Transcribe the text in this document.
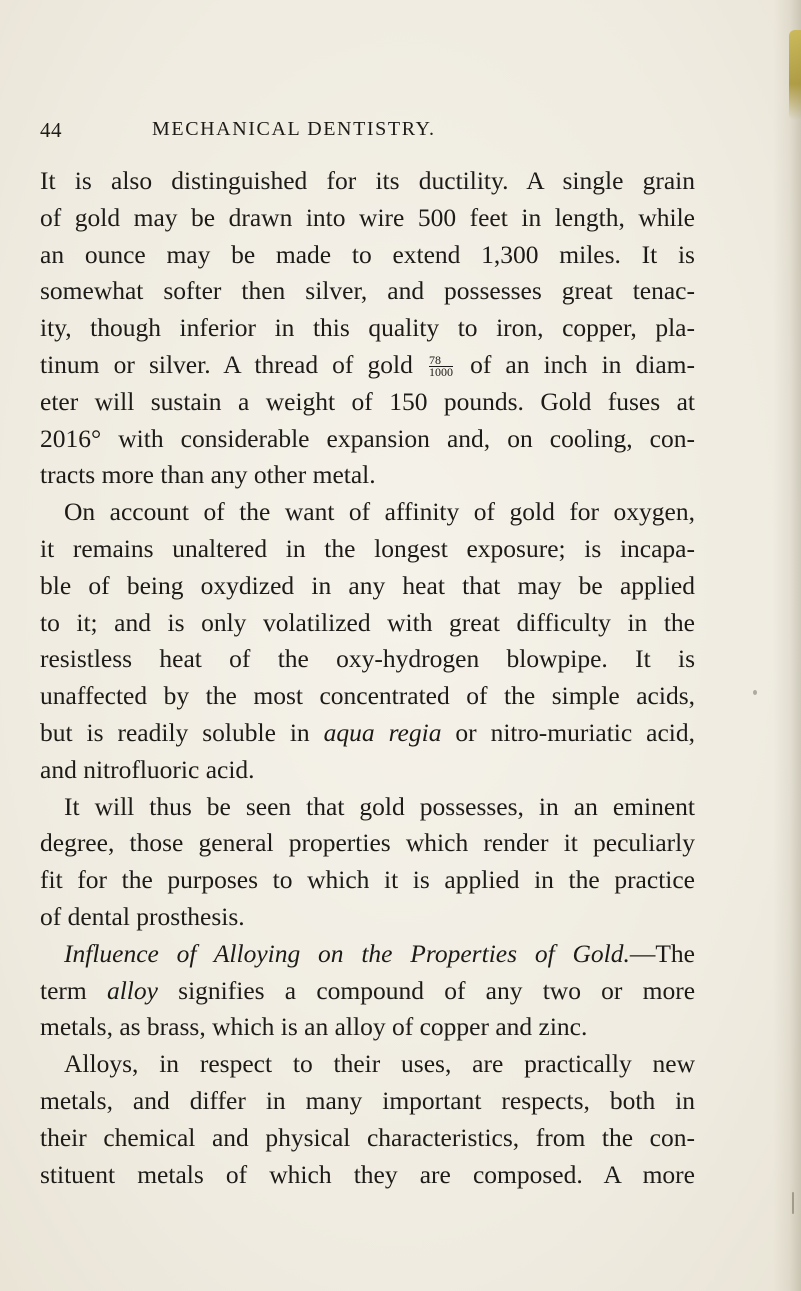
44	MECHANICAL DENTISTRY.
It is also distinguished for its ductility. A single grain
of gold may be drawn into wire 500 feet in length, while
an ounce may be made to extend 1,300 miles. It is
somewhat softer then silver, and possesses great tenac-
ity, though inferior in this quality to iron, copper, pla-
tinum or silver. A thread of gold $\frac{78}{1000}$ of an inch in diam-
eter will sustain a weight of 150 pounds. Gold fuses at
2016° with considerable expansion and, on cooling, con-
tracts more than any other metal.
On account of the want of affinity of gold for oxygen,
it remains unaltered in the longest exposure; is incapa-
ble of being oxydized in any heat that may be applied
to it; and is only volatilized with great difficulty in the
resistless heat of the oxy-hydrogen blowpipe. It is
unaffected by the most concentrated of the simple acids,
but is readily soluble in aqua regia or nitro-muriatic acid,
and nitrofluoric acid.
It will thus be seen that gold possesses, in an eminent
degree, those general properties which render it peculiarly
fit for the purposes to which it is applied in the practice
of dental prosthesis.
Influence of Alloying on the Properties of Gold.—The
term alloy signifies a compound of any two or more
metals, as brass, which is an alloy of copper and zinc.
Alloys, in respect to their uses, are practically new
metals, and differ in many important respects, both in
their chemical and physical characteristics, from the con-
stituent metals of which they are composed. A more
